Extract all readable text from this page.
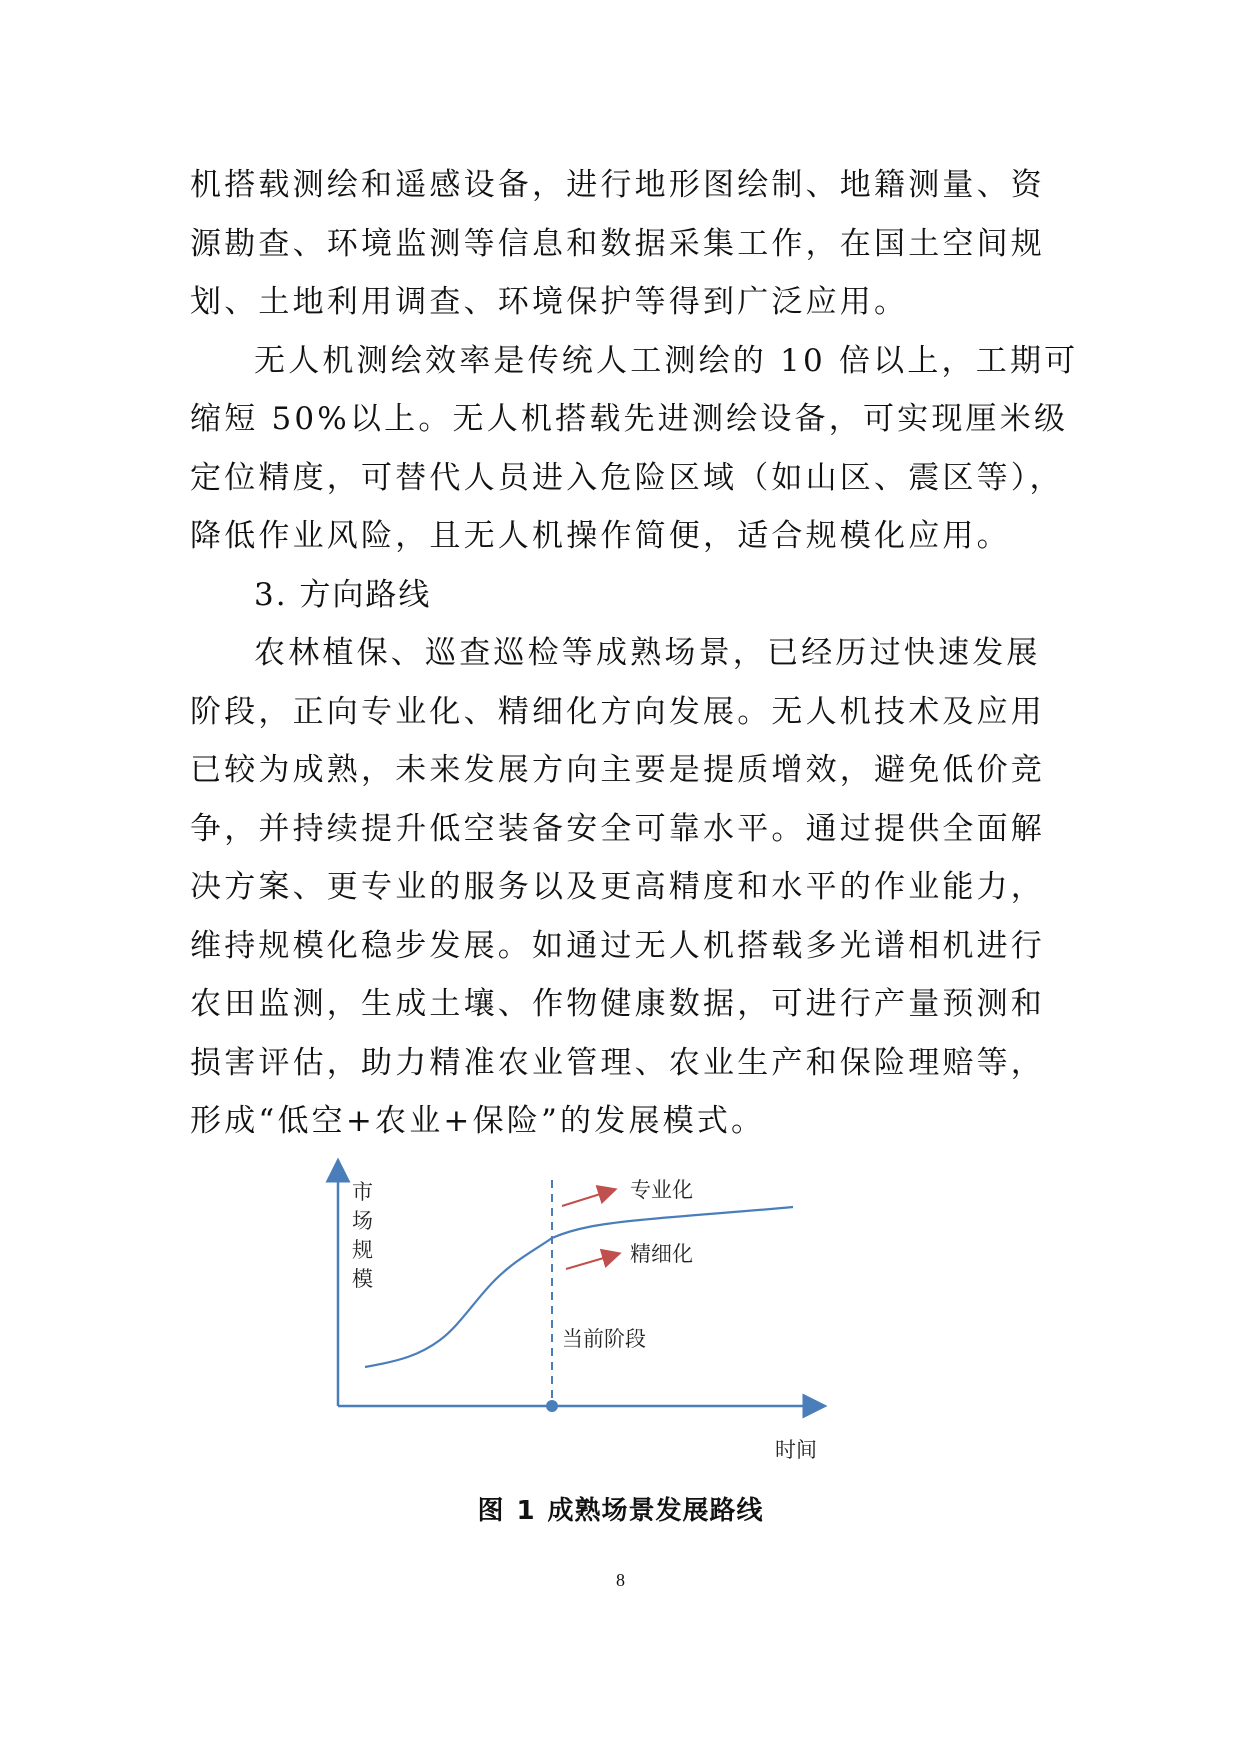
机搭载测绘和遥感设备，进行地形图绘制、地籍测量、资
源勘查、环境监测等信息和数据采集工作，在国土空间规
划、土地利用调查、环境保护等得到广泛应用。
无人机测绘效率是传统人工测绘的 10 倍以上，工期可
缩短 50%以上。无人机搭载先进测绘设备，可实现厘米级
定位精度，可替代人员进入危险区域（如山区、震区等），
降低作业风险，且无人机操作简便，适合规模化应用。
3. 方向路线
农林植保、巡查巡检等成熟场景，已经历过快速发展
阶段，正向专业化、精细化方向发展。无人机技术及应用
已较为成熟，未来发展方向主要是提质增效，避免低价竞
争，并持续提升低空装备安全可靠水平。通过提供全面解
决方案、更专业的服务以及更高精度和水平的作业能力，
维持规模化稳步发展。如通过无人机搭载多光谱相机进行
农田监测，生成土壤、作物健康数据，可进行产量预测和
损害评估，助力精准农业管理、农业生产和保险理赔等，
形成“低空+农业+保险”的发展模式。
市
场
规
模
专业化
精细化
当前阶段
时间
图 1 成熟场景发展路线
8
